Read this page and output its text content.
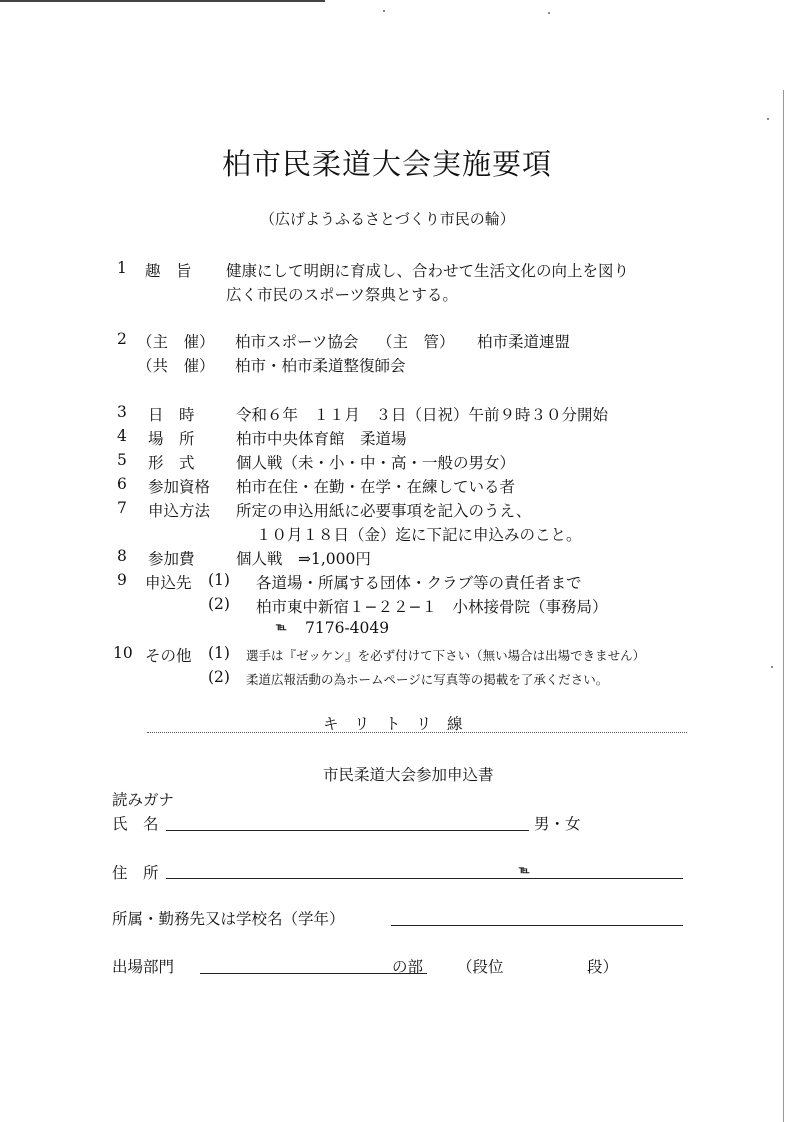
柏市民柔道大会実施要項
（広げようふるさとづくり市民の輪）
1 趣　旨 健康にして明朗に育成し、合わせて生活文化の向上を図り
広く市民のスポーツ祭典とする。
2 （主　催） 柏市スポーツ協会 （主　管） 柏市柔道連盟
（共　催） 柏市・柏市柔道整復師会
3 日　時	令和６年　１１月　３日（日祝）午前９時３０分開始
4 場　所	柏市中央体育館　柔道場
5 形　式	個人戦（未・小・中・高・一般の男女）
6 参加資格 柏市在住・在勤・在学・在練している者
7 申込方法 所定の申込用紙に必要事項を記入のうえ、
１０月１８日（金）迄に下記に申込みのこと。
8 参加費	個人戦　⇒1,000円
9 申込先 (1) 各道場・所属する団体・クラブ等の責任者まで
(2) 柏市東中新宿１−２２−１　小林接骨院（事務局）
℡ 7176-4049
10 その他 (1) 選手は『ゼッケン』を必ず付けて下さい（無い場合は出場できません）
(2) 柔道広報活動の為ホームページに写真等の掲載を了承ください。
キ　リ　ト　リ　線
市民柔道大会参加申込書
読みガナ
氏　名	男・女
住　所	℡
所属・勤務先又は学校名（学年）
出場部門	の部 （段位	段）
